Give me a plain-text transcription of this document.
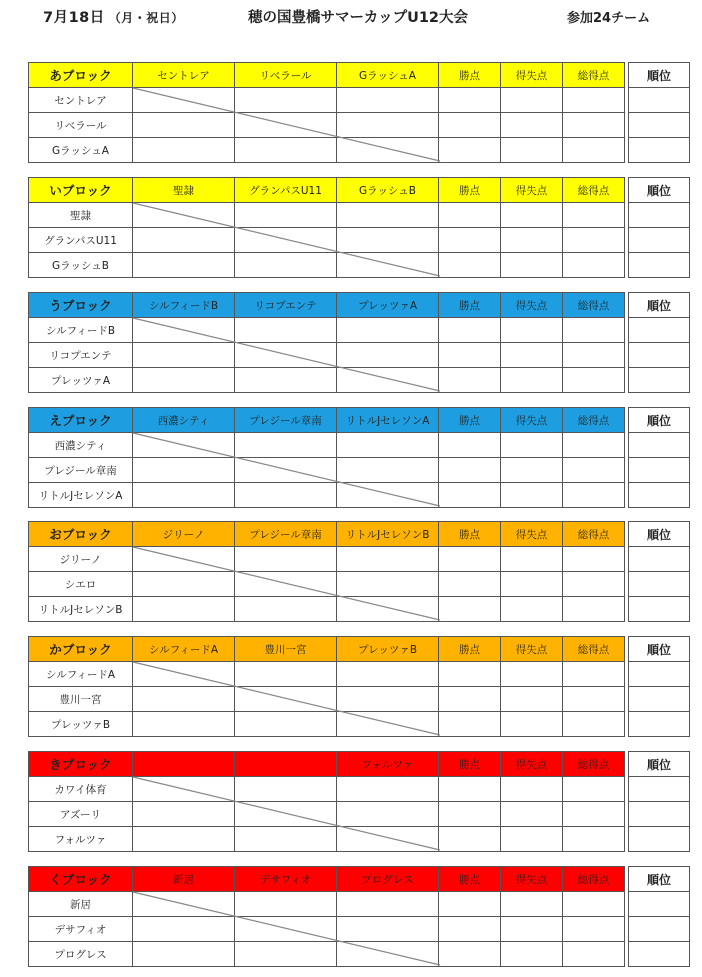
7月18日 （月・祝日）	穂の国豊橋サマーカップU12大会	参加24チーム
あブロック	セントレア	リベラール	GラッシュA	勝点	得失点	総得点		順位
セントレア								
リベラール								
GラッシュA								
いブロック	聖隷	グランパスU11	GラッシュB	勝点	得失点	総得点		順位
聖隷								
グランパスU11								
GラッシュB								
うブロック	シルフィードB	リコプエンテ	プレッツァA	勝点	得失点	総得点		順位
シルフィードB								
リコプエンテ								
プレッツァA								
えブロック	西濃シティ	プレジール章南	リトルJセレソンA	勝点	得失点	総得点		順位
西濃シティ								
プレジール章南								
リトルJセレソンA								
おブロック	ジリーノ	プレジール章南	リトルJセレソンB	勝点	得失点	総得点		順位
ジリーノ								
シエロ								
リトルJセレソンB								
かブロック	シルフィードA	豊川一宮	プレッツァB	勝点	得失点	総得点		順位
シルフィードA								
豊川一宮								
プレッツァB								
きブロック			フォルツァ	勝点	得失点	総得点		順位
カワイ体育								
アズーリ								
フォルツァ								
くブロック	新居	デサフィオ	プログレス	勝点	得失点	総得点		順位
新居								
デサフィオ								
プログレス								
